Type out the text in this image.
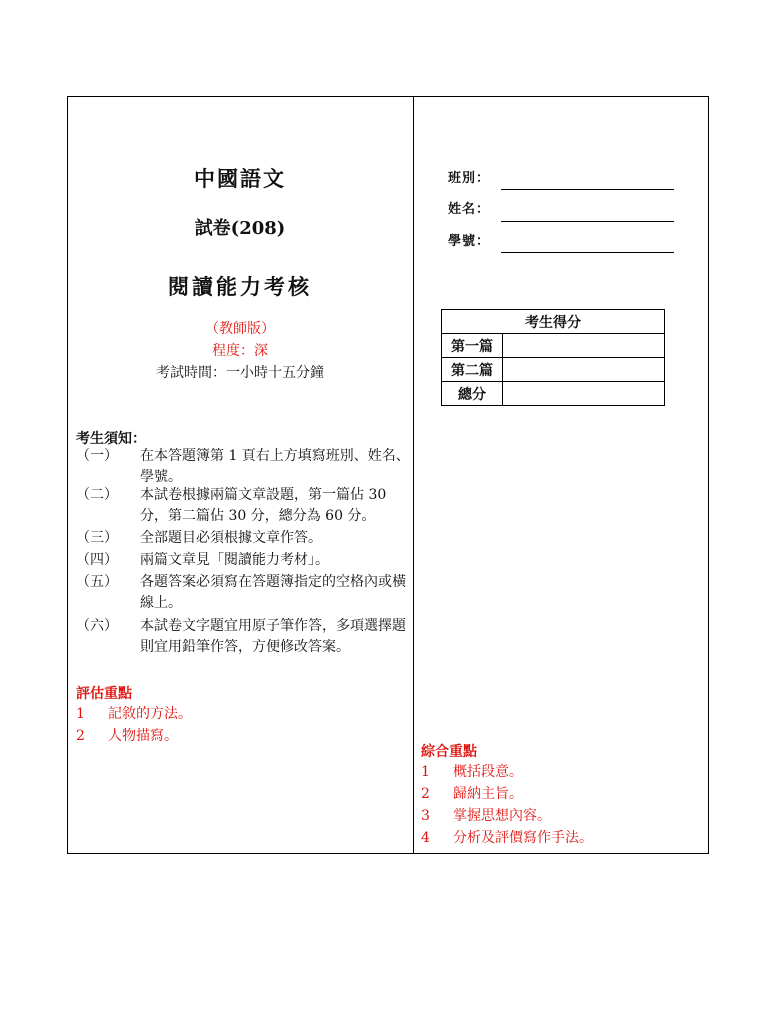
中國語文
試卷(208)
閱讀能力考核
（教師版）
程度：深
考試時間：一小時十五分鐘
考生須知：
（一） 在本答題簿第 1 頁右上方填寫班別、姓名、學號。
（二） 本試卷根據兩篇文章設題，第一篇佔 30 分，第二篇佔 30 分，總分為 60 分。
（三） 全部題目必須根據文章作答。
（四） 兩篇文章見「閱讀能力考材」。
（五） 各題答案必須寫在答題簿指定的空格內或橫線上。
（六） 本試卷文字題宜用原子筆作答，多項選擇題則宜用鉛筆作答，方便修改答案。
評估重點
1 記敘的方法。
2 人物描寫。
班別：
姓名：
學號：
考生得分	
第一篇	
第二篇	
總分	
綜合重點
1 概括段意。
2 歸納主旨。
3 掌握思想內容。
4 分析及評價寫作手法。
